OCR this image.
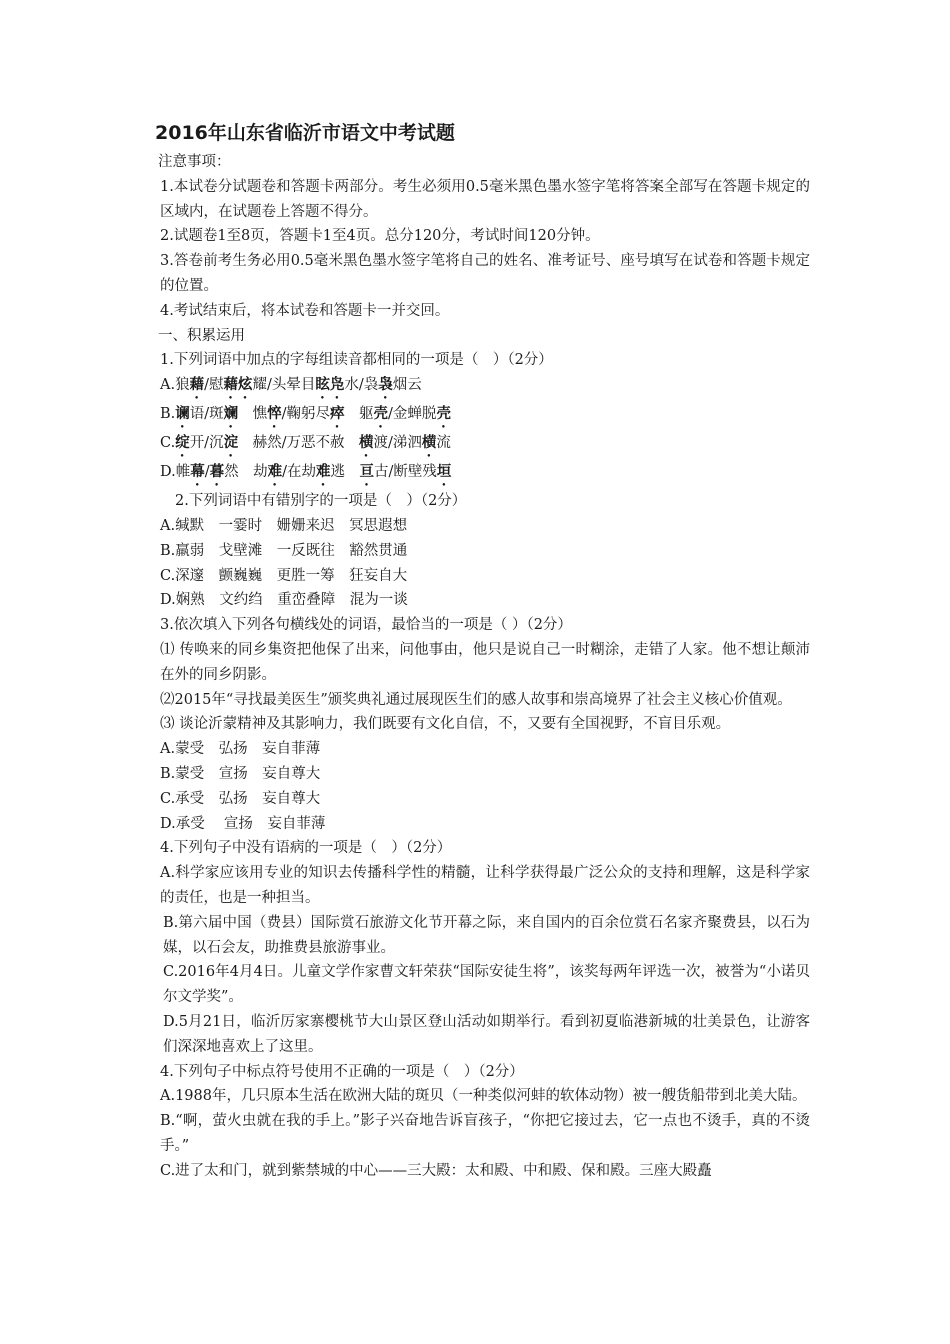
2016年山东省临沂市语文中考试题

注意事项：

1.本试卷分试题卷和答题卡两部分。考生必须用0.5毫米黑色墨水签字笔将答案全部写在答题卡规定的区域内，在试题卷上答题不得分。

2.试题卷1至8页，答题卡1至4页。总分120分，考试时间120分钟。

3.答卷前考生务必用0.5毫米黑色墨水签字笔将自己的姓名、准考证号、座号填写在试卷和答题卡规定的位置。

4.考试结束后，将本试卷和答题卡一并交回。

一、积累运用

1.下列词语中加点的字每组读音都相同的一项是（　）（2分）

A.狼藉/慰藉炫耀/头晕目眩凫水/袅袅烟云

B.谰语/斑斓　 憔悴/鞠躬尽瘁　 躯壳/金蝉脱壳

C.绽开/沉淀　 赫然/万恶不赦　 横渡/涕泗横流

D.帷幕/暮然　 劫难/在劫难逃　 亘古/断壁残垣

2.下列词语中有错别字的一项是（　）（2分）

A.缄默　一霎时　姗姗来迟　冥思遐想

B.羸弱　戈壁滩　一反既往　豁然贯通

C.深邃　颤巍巍　更胜一筹　狂妄自大

D.娴熟　文约绉　重峦叠障　混为一谈

3.依次填入下列各句横线处的词语，最恰当的一项是（ ）（2分）

⑴ 传唤来的同乡集资把他保了出来，问他事由，他只是说自己一时糊涂，走错了人家。他不想让颠沛在外的同乡阴影。

⑵2015年“寻找最美医生”颁奖典礼通过展现医生们的感人故事和崇高境界了社会主义核心价值观。

⑶ 谈论沂蒙精神及其影响力，我们既要有文化自信，不，又要有全国视野，不盲目乐观。

A.蒙受　弘扬　妄自菲薄

B.蒙受　宣扬　妄自尊大

C.承受　弘扬　妄自尊大

D.承受　 宣扬　妄自菲薄

4.下列句子中没有语病的一项是（　）（2分）

A.科学家应该用专业的知识去传播科学性的精髓，让科学获得最广泛公众的支持和理解，这是科学家的责任，也是一种担当。

B.第六届中国（费县）国际赏石旅游文化节开幕之际，来自国内的百余位赏石名家齐聚费县，以石为媒，以石会友，助推费县旅游事业。

C.2016年4月4日。儿童文学作家曹文轩荣获“国际安徒生将”，该奖每两年评选一次，被誉为“小诺贝尔文学奖”。

D.5月21日，临沂厉家寨樱桃节大山景区登山活动如期举行。看到初夏临港新城的壮美景色，让游客们深深地喜欢上了这里。

4.下列句子中标点符号使用不正确的一项是（　）（2分）

A.1988年，几只原本生活在欧洲大陆的斑贝（一种类似河蚌的软体动物）被一艘货船带到北美大陆。

B.“啊，萤火虫就在我的手上。”影子兴奋地告诉盲孩子，“你把它接过去，它一点也不烫手，真的不烫手。”

C.进了太和门，就到紫禁城的中心——三大殿：太和殿、中和殿、保和殿。三座大殿矗
